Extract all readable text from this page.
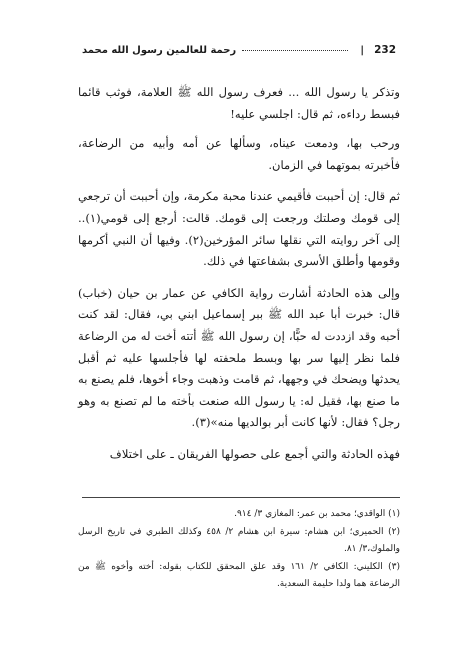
232
|
رحمة للعالمين رسول الله محمد

وتذكر يا رسول الله ... فعرف رسول الله ﷺ العلامة، فوثب قائما فبسط رداءه، ثم قال: اجلسي عليه!

ورحب بها، ودمعت عيناه، وسألها عن أمه وأبيه من الرضاعة، فأخبرته بموتهما في الزمان.

ثم قال: إن أحببت فأقيمي عندنا محبة مكرمة، وإن أحببت أن ترجعي إلى قومك وصلتك ورجعت إلى قومك. قالت: أرجع إلى قومي(١).. إلى آخر روايته التي نقلها سائر المؤرخين(٢). وفيها أن النبي أكرمها وقومها وأطلق الأسرى بشفاعتها في ذلك.

وإلى هذه الحادثة أشارت رواية الكافي عن عمار بن حيان (خباب) قال: خبرت أبا عبد الله ﷺ ببر إسماعيل ابني بي، فقال: لقد كنت أحبه وقد ازددت له حبًّا، إن رسول الله ﷺ أتته أخت له من الرضاعة فلما نظر إليها سر بها وبسط ملحفته لها فأجلسها عليه ثم أقبل يحدثها ويضحك في وجهها، ثم قامت وذهبت وجاء أخوها، فلم يصنع به ما صنع بها، فقيل له: يا رسول الله صنعت بأخته ما لم تصنع به وهو رجل؟ فقال: لأنها كانت أبر بوالديها منه»(٣).

فهذه الحادثة والتي أجمع على حصولها الفريقان ـ على اختلاف

(١) الواقدي؛ محمد بن عمر: المغازي ٣/ ٩١٤.

(٢) الحميري؛ ابن هشام: سيرة ابن هشام ٢/ ٤٥٨ وكذلك الطبري في تاريخ الرسل والملوك،٣/ ٨١.

(٣) الكليني: الكافي ٢/ ١٦١ وقد علق المحقق للكتاب بقوله: أخته وأخوه ﷺ من الرضاعة هما ولدا حليمة السعدية.
